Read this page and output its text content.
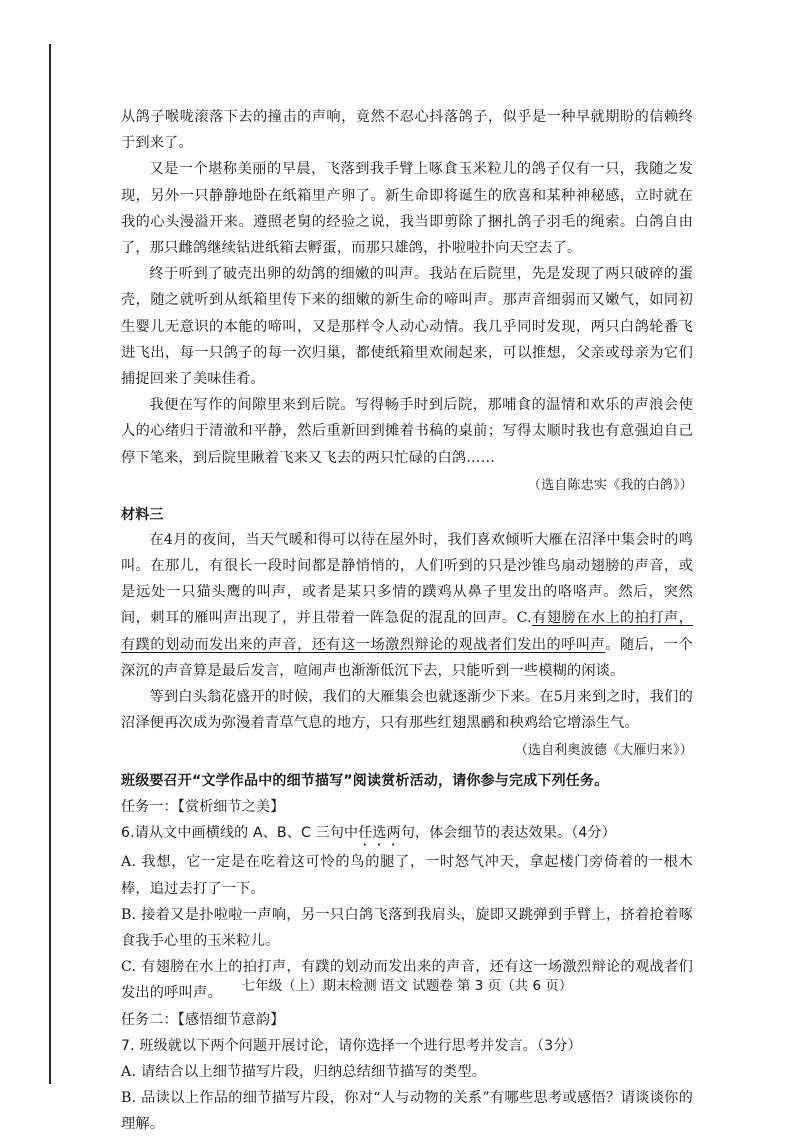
从鸽子喉咙滚落下去的撞击的声响，竟然不忍心抖落鸽子，似乎是一种早就期盼的信赖终于到来了。

又是一个堪称美丽的早晨，飞落到我手臂上啄食玉米粒儿的鸽子仅有一只，我随之发现，另外一只静静地卧在纸箱里产卵了。新生命即将诞生的欣喜和某种神秘感，立时就在我的心头漫溢开来。遵照老舅的经验之说，我当即剪除了捆扎鸽子羽毛的绳索。白鸽自由了，那只雌鸽继续钻进纸箱去孵蛋，而那只雄鸽，扑啦啦扑向天空去了。

终于听到了破壳出卵的幼鸽的细嫩的叫声。我站在后院里，先是发现了两只破碎的蛋壳，随之就听到从纸箱里传下来的细嫩的新生命的啼叫声。那声音细弱而又嫩气，如同初生婴儿无意识的本能的啼叫，又是那样令人动心动情。我几乎同时发现，两只白鸽轮番飞进飞出，每一只鸽子的每一次归巢，都使纸箱里欢闹起来，可以推想，父亲或母亲为它们捕捉回来了美味佳肴。

我便在写作的间隙里来到后院。写得畅手时到后院，那哺食的温情和欢乐的声浪会使人的心绪归于清澈和平静，然后重新回到摊着书稿的桌前；写得太顺时我也有意强迫自己停下笔来，到后院里瞅着飞来又飞去的两只忙碌的白鸽……

（选自陈忠实《我的白鸽》）

材料三

在4月的夜间，当天气暖和得可以待在屋外时，我们喜欢倾听大雁在沼泽中集会时的鸣叫。在那儿，有很长一段时间都是静悄悄的，人们听到的只是沙锥鸟扇动翅膀的声音，或是远处一只猫头鹰的叫声，或者是某只多情的蹼鸡从鼻子里发出的咯咯声。然后，突然间，刺耳的雁叫声出现了，并且带着一阵急促的混乱的回声。C.有翅膀在水上的拍打声，有蹼的划动而发出来的声音，还有这一场激烈辩论的观战者们发出的呼叫声。随后，一个深沉的声音算是最后发言，喧闹声也渐渐低沉下去，只能听到一些模糊的闲谈。

等到白头翁花盛开的时候，我们的大雁集会也就逐渐少下来。在5月来到之时，我们的沼泽便再次成为弥漫着青草气息的地方，只有那些红翅黑鹂和秧鸡给它增添生气。

（选自利奥波德《大雁归来》）

班级要召开“文学作品中的细节描写”阅读赏析活动，请你参与完成下列任务。

任务一：【赏析细节之美】

6.请从文中画横线的 A、B、C 三句中任选两句，体会细节的表达效果。（4分）

A. 我想，它一定是在吃着这可怜的鸟的腿了，一时怒气冲天，拿起楼门旁倚着的一根木棒，追过去打了一下。

B. 接着又是扑啦啦一声响，另一只白鸽飞落到我肩头，旋即又跳弹到手臂上，挤着抢着啄食我手心里的玉米粒儿。

C. 有翅膀在水上的拍打声，有蹼的划动而发出来的声音，还有这一场激烈辩论的观战者们发出的呼叫声。

任务二：【感悟细节意韵】

7. 班级就以下两个问题开展讨论，请你选择一个进行思考并发言。（3分）

A. 请结合以上细节描写片段，归纳总结细节描写的类型。

B. 品读以上作品的细节描写片段，你对“人与动物的关系”有哪些思考或感悟？请谈谈你的理解。

七年级（上）期末检测 语文 试题卷 第 3 页（共 6 页）
